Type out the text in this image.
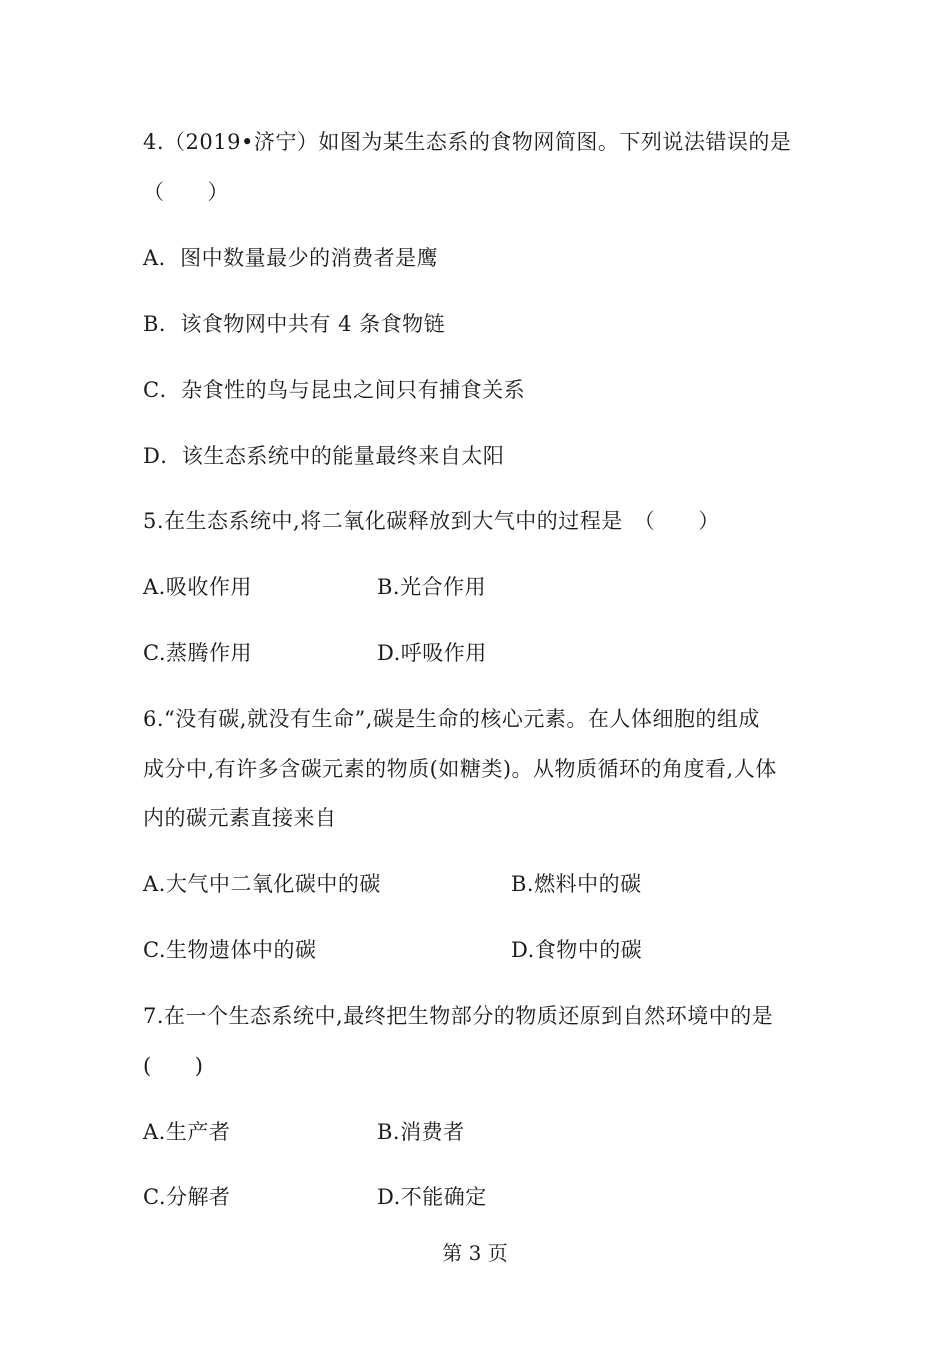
4.（2019•济宁）如图为某生态系的食物网简图。下列说法错误的是
（　　）
A．图中数量最少的消费者是鹰
B．该食物网中共有 4 条食物链
C．杂食性的鸟与昆虫之间只有捕食关系
D．该生态系统中的能量最终来自太阳
5.在生态系统中,将二氧化碳释放到大气中的过程是　（　　）
A.吸收作用	B.光合作用
C.蒸腾作用	D.呼吸作用
6.“没有碳,就没有生命”,碳是生命的核心元素。在人体细胞的组成
成分中,有许多含碳元素的物质(如糖类)。从物质循环的角度看,人体
内的碳元素直接来自
A.大气中二氧化碳中的碳	B.燃料中的碳
C.生物遗体中的碳	D.食物中的碳
7.在一个生态系统中,最终把生物部分的物质还原到自然环境中的是
(　　)
A.生产者	B.消费者
C.分解者	D.不能确定
第 3 页
